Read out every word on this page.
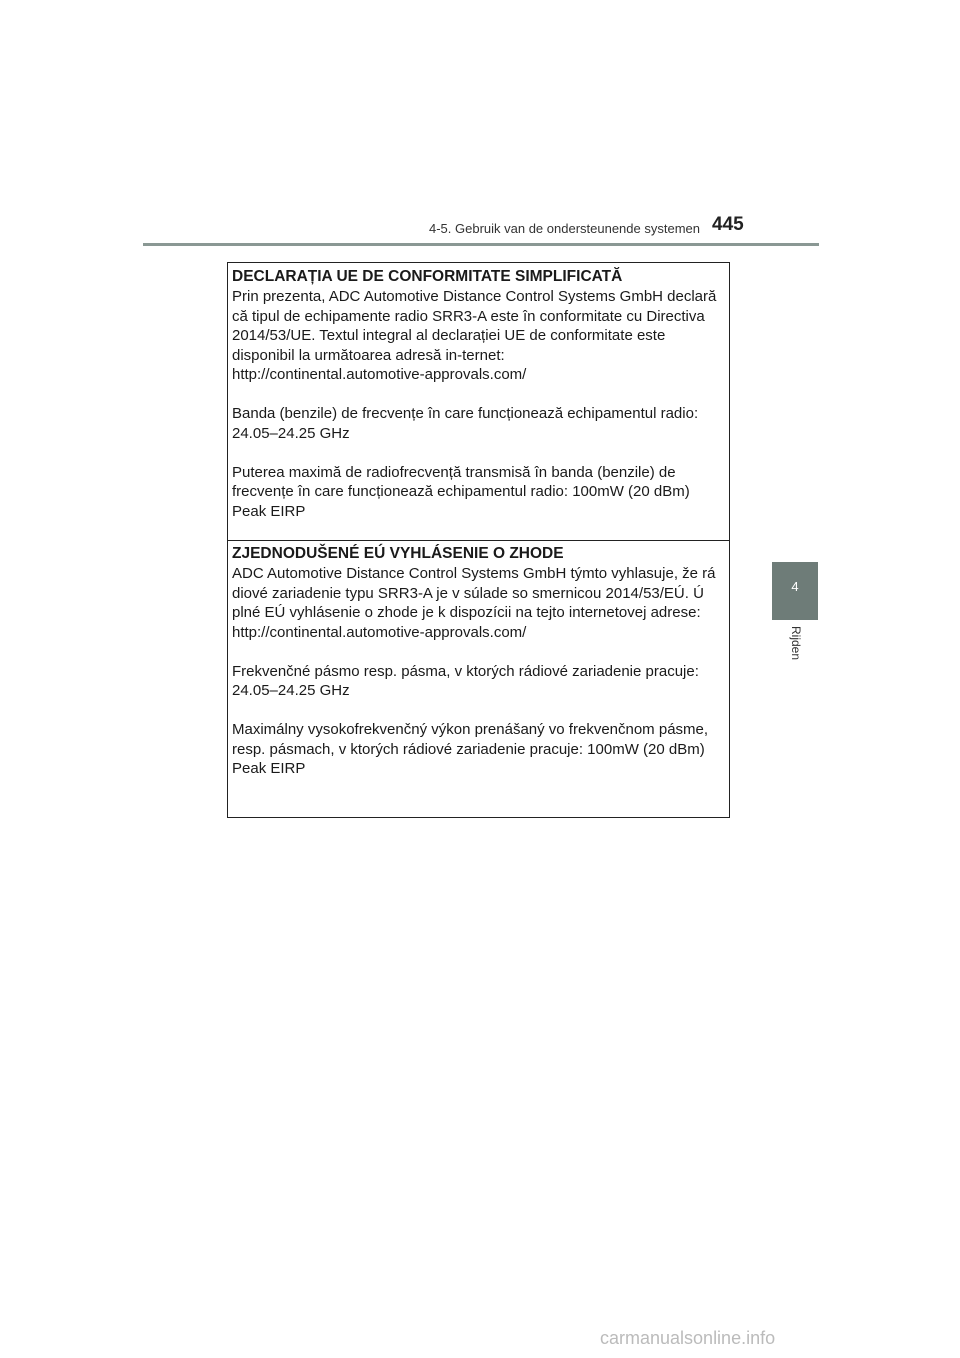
4-5. Gebruik van de ondersteunende systemen 445
4
Rijden
DECLARAȚIA UE DE CONFORMITATE SIMPLIFICATĂ

Prin prezenta, ADC Automotive Distance Control Systems GmbH declară
că tipul de echipamente radio SRR3-A este în conformitate cu Directiva
2014/53/UE. Textul integral al declarației UE de conformitate este
disponibil la următoarea adresă in-ternet:
http://continental.automotive-approvals.com/

Banda (benzile) de frecvențe în care funcționează echipamentul radio:
24.05–24.25 GHz

Puterea maximă de radiofrecvență transmisă în banda (benzile) de
frecvențe în care funcționează echipamentul radio: 100mW (20 dBm)
Peak EIRP

ZJEDNODUŠENÉ EÚ VYHLÁSENIE O ZHODE

ADC Automotive Distance Control Systems GmbH týmto vyhlasuje, že rá
diové zariadenie typu SRR3-A je v súlade so smernicou 2014/53/EÚ. Ú
plné EÚ vyhlásenie o zhode je k dispozícii na tejto internetovej adrese:
http://continental.automotive-approvals.com/

Frekvenčné pásmo resp. pásma, v ktorých rádiové zariadenie pracuje:
24.05–24.25 GHz

Maximálny vysokofrekvenčný výkon prenášaný vo frekvenčnom pásme,
resp. pásmach, v ktorých rádiové zariadenie pracuje: 100mW (20 dBm)
Peak EIRP

carmanualsonline.info
